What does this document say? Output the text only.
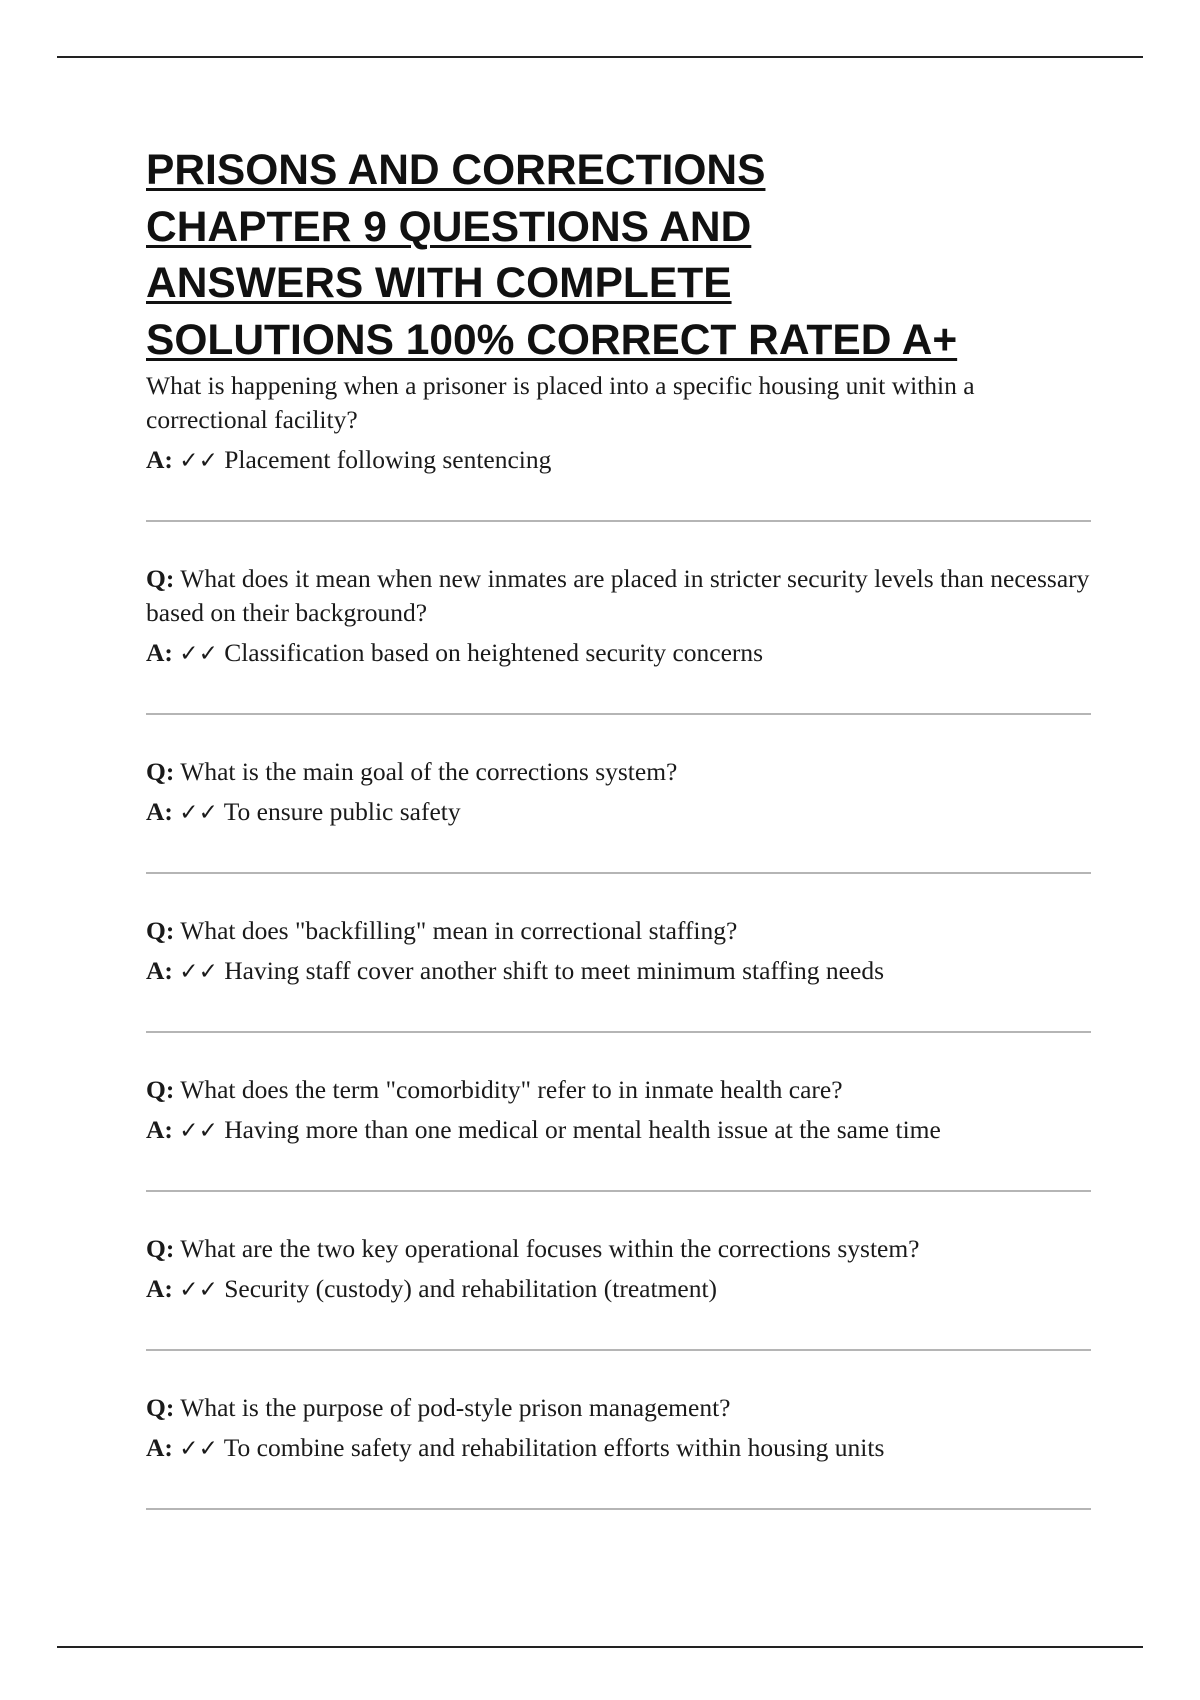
PRISONS AND CORRECTIONS
CHAPTER 9 QUESTIONS AND
ANSWERS WITH COMPLETE
SOLUTIONS 100% CORRECT RATED A+

What is happening when a prisoner is placed into a specific housing unit within a correctional facility?

A: ✓✓ Placement following sentencing

Q: What does it mean when new inmates are placed in stricter security levels than necessary based on their background?

A: ✓✓ Classification based on heightened security concerns

Q: What is the main goal of the corrections system?

A: ✓✓ To ensure public safety

Q: What does "backfilling" mean in correctional staffing?

A: ✓✓ Having staff cover another shift to meet minimum staffing needs

Q: What does the term "comorbidity" refer to in inmate health care?

A: ✓✓ Having more than one medical or mental health issue at the same time

Q: What are the two key operational focuses within the corrections system?

A: ✓✓ Security (custody) and rehabilitation (treatment)

Q: What is the purpose of pod-style prison management?

A: ✓✓ To combine safety and rehabilitation efforts within housing units
